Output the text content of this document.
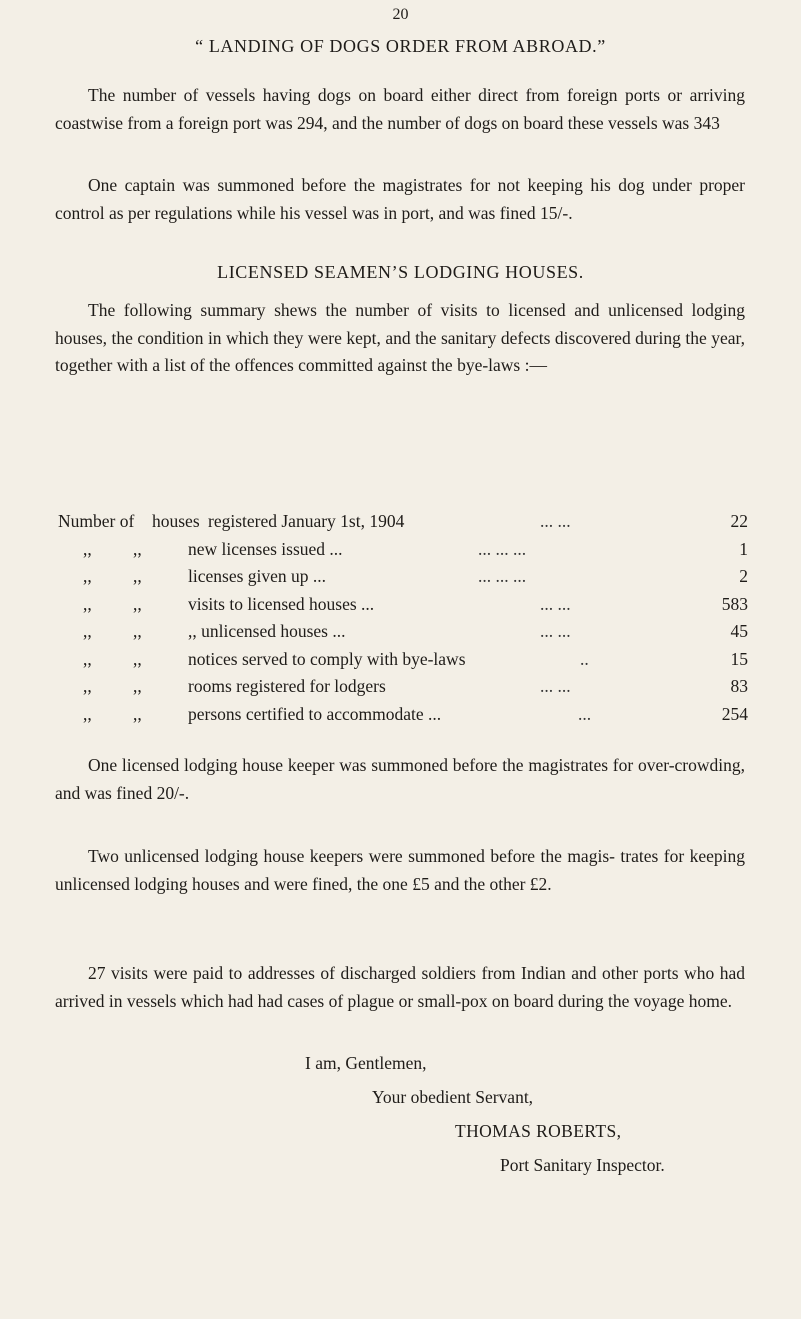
20
“ LANDING OF DOGS ORDER FROM ABROAD.”

The number of vessels having dogs on board either direct from foreign ports or arriving coastwise from a foreign port was 294, and the number of dogs on board these vessels was 343

One captain was summoned before the magistrates for not keeping his dog under proper control as per regulations while his vessel was in port, and was fined 15/-.

LICENSED SEAMEN’S LODGING HOUSES.

The following summary shews the number of visits to licensed and unlicensed lodging houses, the condition in which they were kept, and the sanitary defects discovered during the year, together with a list of the offences committed against the bye-laws :—

Number of houses registered January 1st, 1904	... ...	22
,, ,,	new licenses issued ...	... ... ...	1
,, ,,	licenses given up ...	... ... ...	2
,, ,,	visits to licensed houses ...	... ...	583
,, ,,	,, unlicensed houses ...	... ...	45
,, ,,	notices served to comply with bye-laws	..	15
,, ,,	rooms registered for lodgers	... ...	83
,, ,,	persons certified to accommodate ...	...	254

One licensed lodging house keeper was summoned before the magistrates for over-crowding, and was fined 20/-.

Two unlicensed lodging house keepers were summoned before the magis- trates for keeping unlicensed lodging houses and were fined, the one £5 and the other £2.

27 visits were paid to addresses of discharged soldiers from Indian and other ports who had arrived in vessels which had had cases of plague or small-pox on board during the voyage home.

I am, Gentlemen,
Your obedient Servant,
THOMAS ROBERTS,
Port Sanitary Inspector.
